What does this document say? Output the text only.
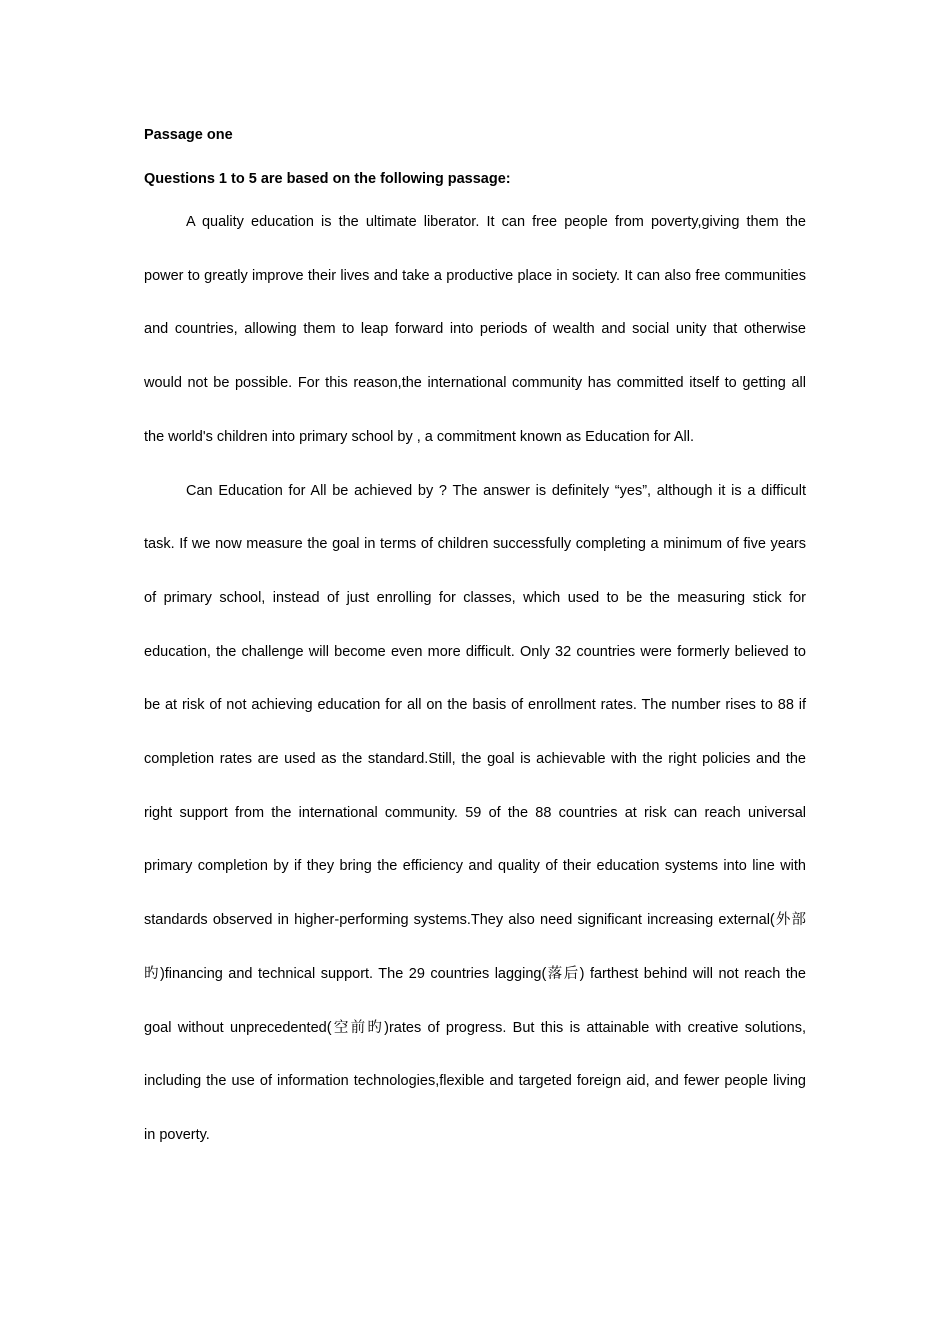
Passage one
Questions 1 to 5 are based on the following passage:

A quality education is the ultimate liberator. It can free people from poverty,giving them the power to greatly improve their lives and take a productive place in society. It can also free communities and countries, allowing them to leap forward into periods of wealth and social unity that otherwise would not be possible. For this reason,the international community has committed itself to getting all the world's children into primary school by , a commitment known as Education for All.

Can Education for All be achieved by ? The answer is definitely “yes”, although it is a difficult task. If we now measure the goal in terms of children successfully completing a minimum of five years of primary school, instead of just enrolling for classes, which used to be the measuring stick for education, the challenge will become even more difficult. Only 32 countries were formerly believed to be at risk of not achieving education for all on the basis of enrollment rates. The number rises to 88 if completion rates are used as the standard.Still, the goal is achievable with the right policies and the right support from the international community. 59 of the 88 countries at risk can reach universal primary completion by if they bring the efficiency and quality of their education systems into line with standards observed in higher-performing systems.They also need significant increasing external(外部旳)financing and technical support. The 29 countries lagging(落后) farthest behind will not reach the goal without unprecedented(空前旳)rates of progress. But this is attainable with creative solutions, including the use of information technologies,flexible and targeted foreign aid, and fewer people living in poverty.
